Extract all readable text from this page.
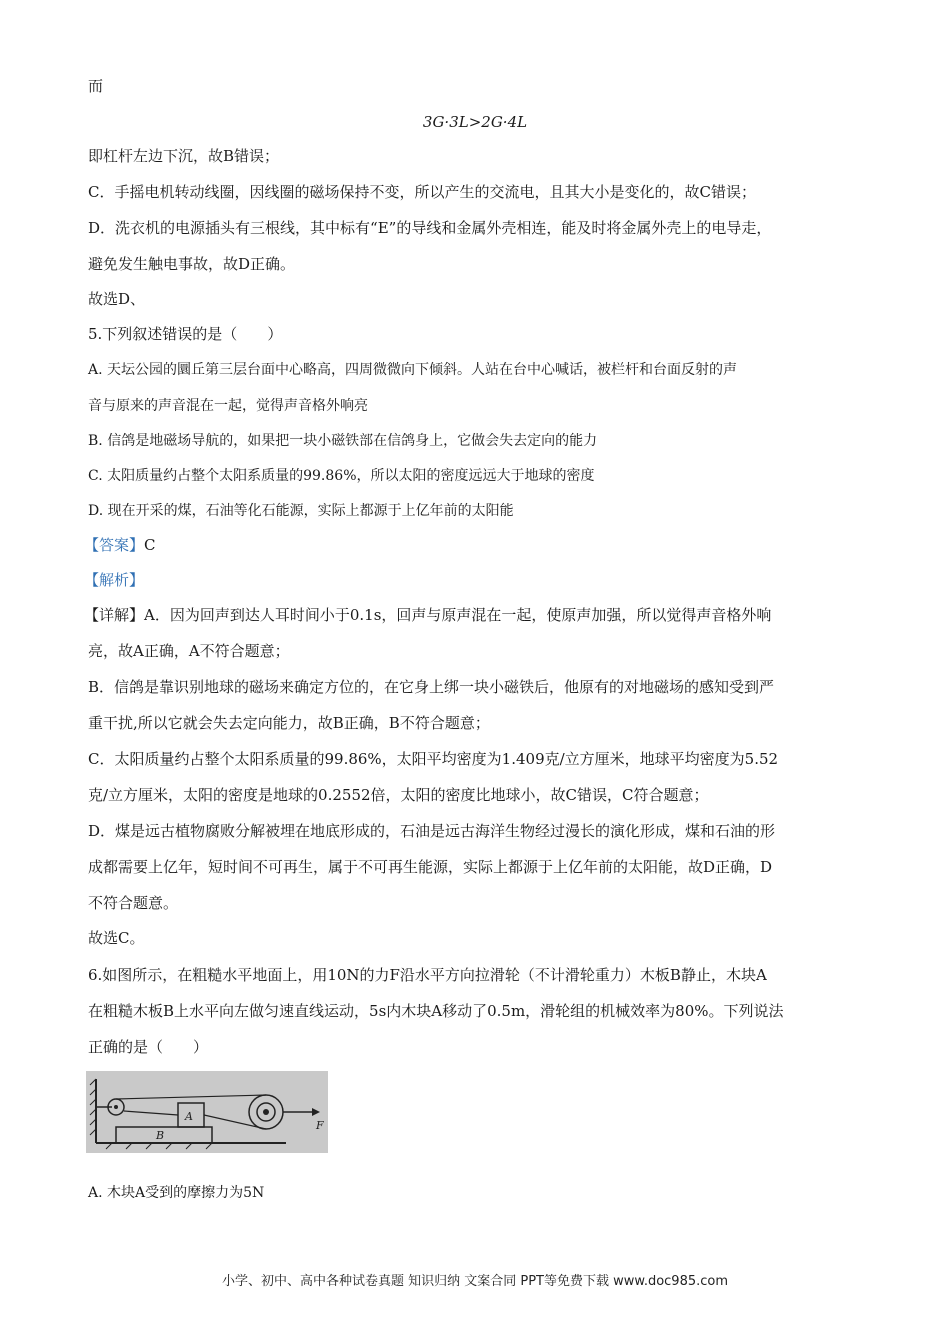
而
3G·3L>2G·4L
即杠杆左边下沉，故B错误；
C．手摇电机转动线圈，因线圈的磁场保持不变，所以产生的交流电，且其大小是变化的，故C错误；
D．洗衣机的电源插头有三根线，其中标有“E”的导线和金属外壳相连，能及时将金属外壳上的电导走，
避免发生触电事故，故D正确。
故选D、
5.下列叙述错误的是（　　）
A. 天坛公园的圜丘第三层台面中心略高，四周微微向下倾斜。人站在台中心喊话，被栏杆和台面反射的声
音与原来的声音混在一起，觉得声音格外响亮
B. 信鸽是地磁场导航的，如果把一块小磁铁部在信鸽身上，它做会失去定向的能力
C. 太阳质量约占整个太阳系质量的99.86%，所以太阳的密度远远大于地球的密度
D. 现在开采的煤，石油等化石能源，实际上都源于上亿年前的太阳能
【答案】C
【解析】
【详解】A．因为回声到达人耳时间小于0.1s，回声与原声混在一起，使原声加强，所以觉得声音格外响
亮，故A正确，A不符合题意；
B．信鸽是靠识别地球的磁场来确定方位的，在它身上绑一块小磁铁后，他原有的对地磁场的感知受到严
重干扰,所以它就会失去定向能力，故B正确，B不符合题意；
C．太阳质量约占整个太阳系质量的99.86%，太阳平均密度为1.409克/立方厘米，地球平均密度为5.52
克/立方厘米，太阳的密度是地球的0.2552倍，太阳的密度比地球小，故C错误，C符合题意；
D．煤是远古植物腐败分解被埋在地底形成的，石油是远古海洋生物经过漫长的演化形成，煤和石油的形
成都需要上亿年，短时间不可再生，属于不可再生能源，实际上都源于上亿年前的太阳能，故D正确，D
不符合题意。
故选C。
6.如图所示，在粗糙水平地面上，用10N的力F沿水平方向拉滑轮（不计滑轮重力）木板B静止，木块A
在粗糙木板B上水平向左做匀速直线运动，5s内木块A移动了0.5m，滑轮组的机械效率为80%。下列说法
正确的是（　　）
B
A
F
A. 木块A受到的摩擦力为5N
小学、初中、高中各种试卷真题 知识归纳 文案合同 PPT等免费下载 www.doc985.com
